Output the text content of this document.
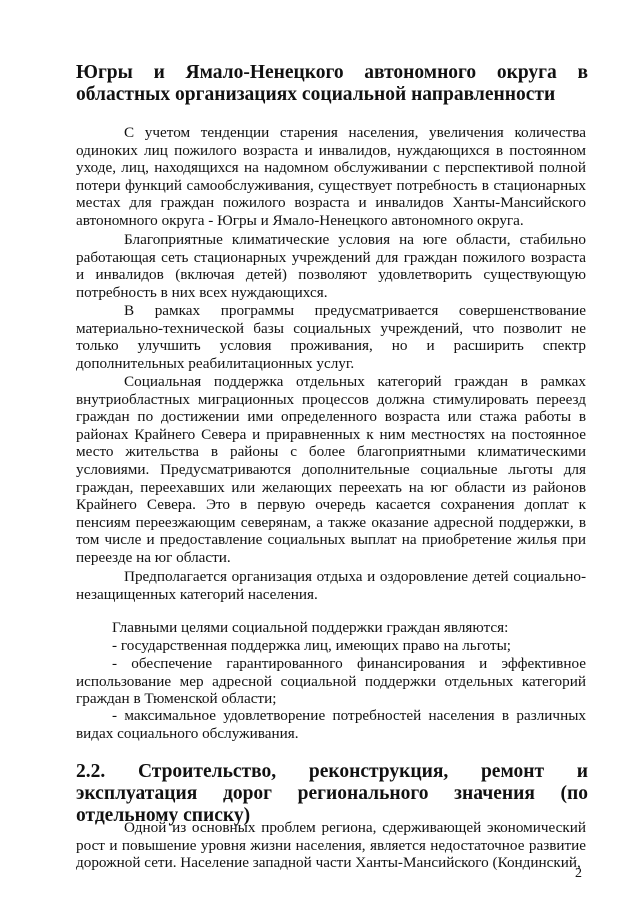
Югры и Ямало-Ненецкого автономного округа в областных организациях социальной направленности

С учетом тенденции старения населения, увеличения количества одиноких лиц пожилого возраста и инвалидов, нуждающихся в постоянном уходе, лиц, находящихся на надомном обслуживании с перспективой полной потери функций самообслуживания, существует потребность в стационарных местах для граждан пожилого возраста и инвалидов Ханты-Мансийского автономного округа - Югры и Ямало-Ненецкого автономного округа.

Благоприятные климатические условия на юге области, стабильно работающая сеть стационарных учреждений для граждан пожилого возраста и инвалидов (включая детей) позволяют удовлетворить существующую потребность в них всех нуждающихся.

В рамках программы предусматривается совершенствование материально-технической базы социальных учреждений, что позволит не только улучшить условия проживания, но и расширить спектр дополнительных реабилитационных услуг.

Социальная поддержка отдельных категорий граждан в рамках внутриобластных миграционных процессов должна стимулировать переезд граждан по достижении ими определенного возраста или стажа работы в районах Крайнего Севера и приравненных к ним местностях на постоянное место жительства в районы с более благоприятными климатическими условиями. Предусматриваются дополнительные социальные льготы для граждан, переехавших или желающих переехать на юг области из районов Крайнего Севера. Это в первую очередь касается сохранения доплат к пенсиям переезжающим северянам, а также оказание адресной поддержки, в том числе и предоставление социальных выплат на приобретение жилья при переезде на юг области.

Предполагается организация отдыха и оздоровление детей социально-незащищенных категорий населения.

Главными целями социальной поддержки граждан являются:

- государственная поддержка лиц, имеющих право на льготы;

- обеспечение гарантированного финансирования и эффективное использование мер адресной социальной поддержки отдельных категорий граждан в Тюменской области;

- максимальное удовлетворение потребностей населения в различных видах социального обслуживания.

2.2. Строительство, реконструкция, ремонт и эксплуатация дорог регионального значения (по отдельному списку)

Одной из основных проблем региона, сдерживающей экономический рост и повышение уровня жизни населения, является недостаточное развитие дорожной сети. Население западной части Ханты-Мансийского (Кондинский,

2
